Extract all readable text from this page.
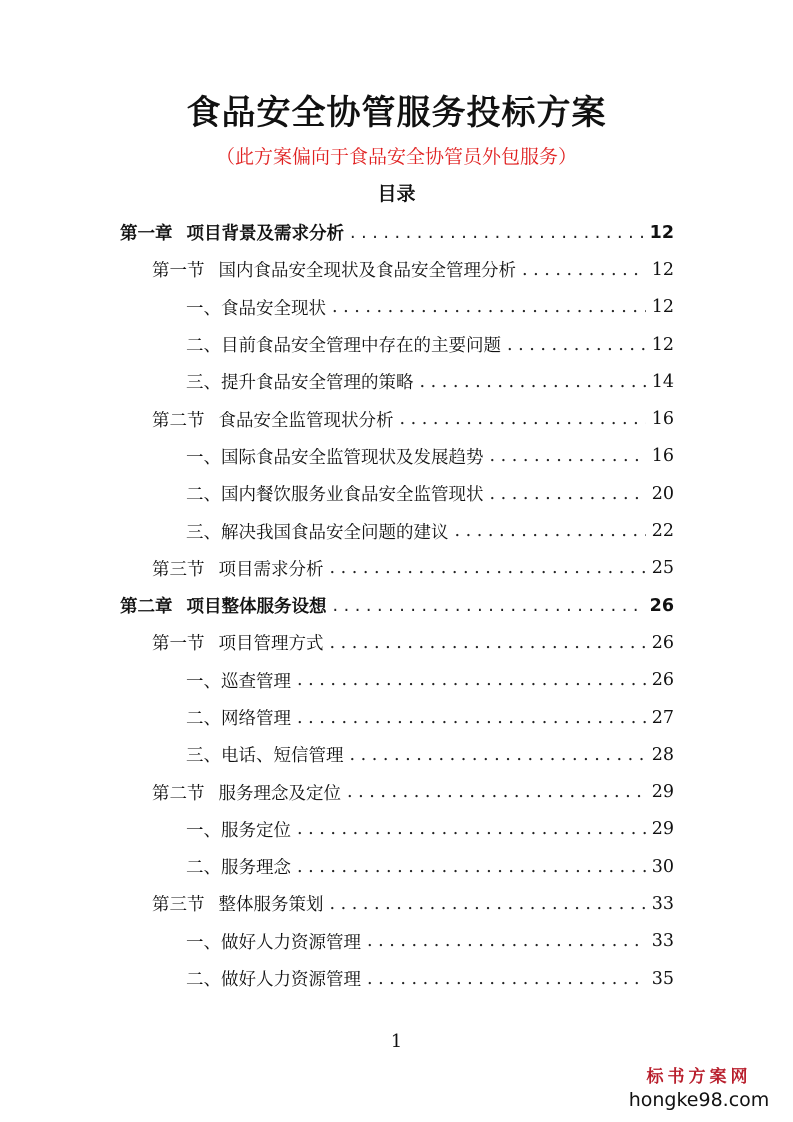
食品安全协管服务投标方案
（此方案偏向于食品安全协管员外包服务）
目录
第一章 项目背景及需求分析 . . .	12
第一节 国内食品安全现状及食品安全管理分析 . . .	12
一、食品安全现状 . . .	12
二、目前食品安全管理中存在的主要问题 . . .	12
三、提升食品安全管理的策略 . . .	14
第二节 食品安全监管现状分析 . . .	16
一、国际食品安全监管现状及发展趋势 . . .	16
二、国内餐饮服务业食品安全监管现状 . . .	20
三、解决我国食品安全问题的建议 . . .	22
第三节 项目需求分析 . . .	25
第二章 项目整体服务设想 . . .	26
第一节 项目管理方式 . . .	26
一、巡查管理 . . .	26
二、网络管理 . . .	27
三、电话、短信管理 . . .	28
第二节 服务理念及定位 . . .	29
一、服务定位 . . .	29
二、服务理念 . . .	30
第三节 整体服务策划 . . .	33
一、做好人力资源管理 . . .	33
二、做好人力资源管理 . . .	35
1
标书方案网
hongke98.com
